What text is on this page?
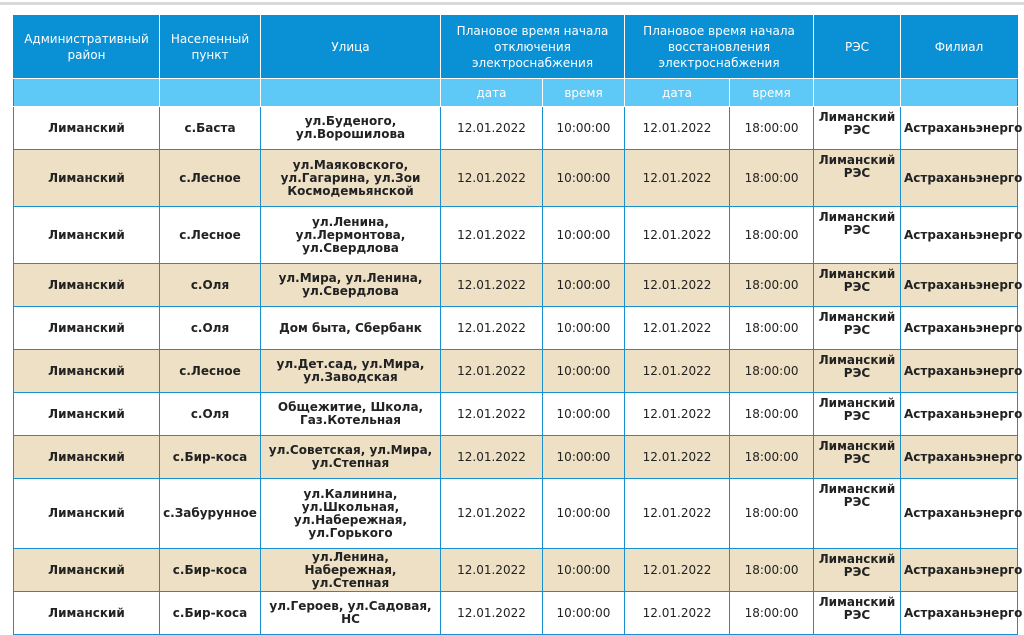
Административный район	Населенный пункт	Улица	Плановое время начала отключения электроснабжения		Плановое время начала восстановления электроснабжения		РЭС	Филиал
			дата	время	дата	время		
Лиманский	с.Баста	ул.Буденого, ул.Ворошилова	12.01.2022	10:00:00	12.01.2022	18:00:00	Лиманский РЭС	Астраханьэнерго
Лиманский	с.Лесное	ул.Маяковского, ул.Гагарина, ул.Зои Космодемьянской	12.01.2022	10:00:00	12.01.2022	18:00:00	Лиманский РЭС	Астраханьэнерго
Лиманский	с.Лесное	ул.Ленина, ул.Лермонтова, ул.Свердлова	12.01.2022	10:00:00	12.01.2022	18:00:00	Лиманский РЭС	Астраханьэнерго
Лиманский	с.Оля	ул.Мира, ул.Ленина, ул.Свердлова	12.01.2022	10:00:00	12.01.2022	18:00:00	Лиманский РЭС	Астраханьэнерго
Лиманский	с.Оля	Дом быта, Сбербанк	12.01.2022	10:00:00	12.01.2022	18:00:00	Лиманский РЭС	Астраханьэнерго
Лиманский	с.Лесное	ул.Дет.сад, ул.Мира, ул.Заводская	12.01.2022	10:00:00	12.01.2022	18:00:00	Лиманский РЭС	Астраханьэнерго
Лиманский	с.Оля	Общежитие, Школа, Газ.Котельная	12.01.2022	10:00:00	12.01.2022	18:00:00	Лиманский РЭС	Астраханьэнерго
Лиманский	с.Бир-коса	ул.Советская, ул.Мира, ул.Степная	12.01.2022	10:00:00	12.01.2022	18:00:00	Лиманский РЭС	Астраханьэнерго
Лиманский	с.Забурунное	ул.Калинина, ул.Школьная, ул.Набережная, ул.Горького	12.01.2022	10:00:00	12.01.2022	18:00:00	Лиманский РЭС	Астраханьэнерго
Лиманский	с.Бир-коса	ул.Ленина, Набережная, ул.Степная	12.01.2022	10:00:00	12.01.2022	18:00:00	Лиманский РЭС	Астраханьэнерго
Лиманский	с.Бир-коса	ул.Героев, ул.Садовая, НС	12.01.2022	10:00:00	12.01.2022	18:00:00	Лиманский РЭС	Астраханьэнерго
